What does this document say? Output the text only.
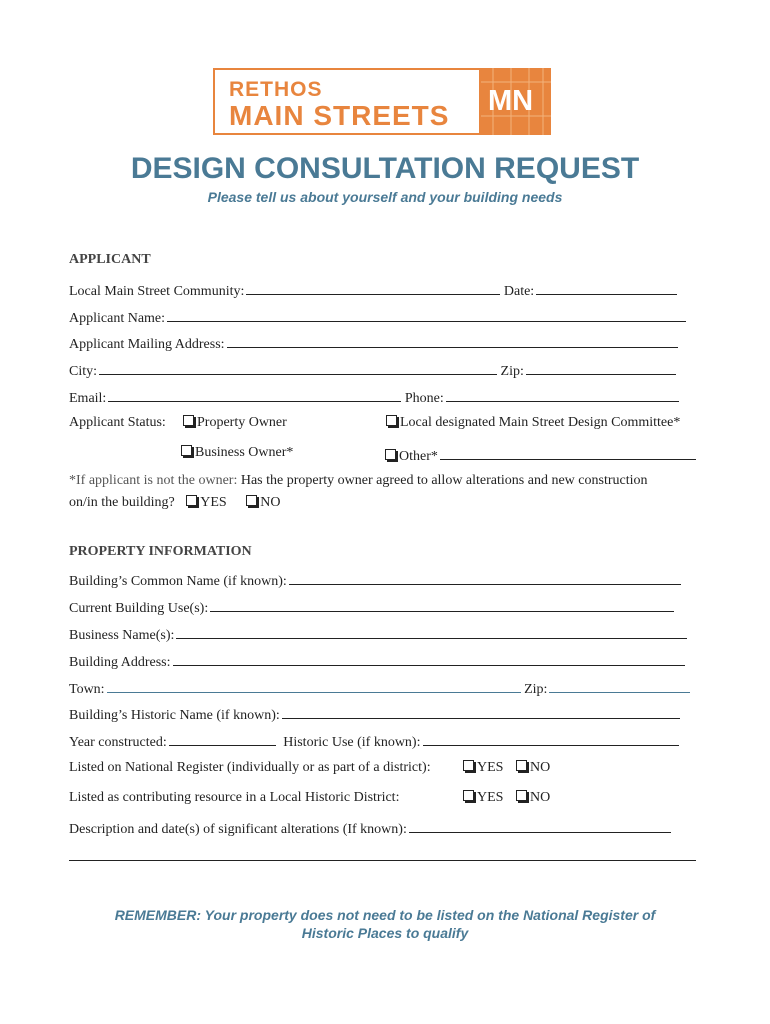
RETHOS
MAIN STREETS MN
DESIGN CONSULTATION REQUEST
Please tell us about yourself and your building needs
APPLICANT
Local Main Street Community:	Date:
Applicant Name:
Applicant Mailing Address:
City:	Zip:
Email:	Phone:
Applicant Status:	Property Owner	Local designated Main Street Design Committee*
Business Owner*	Other*
*If applicant is not the owner: Has the property owner agreed to allow alterations and new construction
on/in the building? YES NO
PROPERTY INFORMATION
Building’s Common Name (if known):
Current Building Use(s):
Business Name(s):
Building Address:
Town:	Zip:
Building’s Historic Name (if known):
Year constructed:	Historic Use (if known):
Listed on National Register (individually or as part of a district):	YES	NO
Listed as contributing resource in a Local Historic District:	YES	NO
Description and date(s) of significant alterations (If known):
REMEMBER: Your property does not need to be listed on the National Register of
Historic Places to qualify
